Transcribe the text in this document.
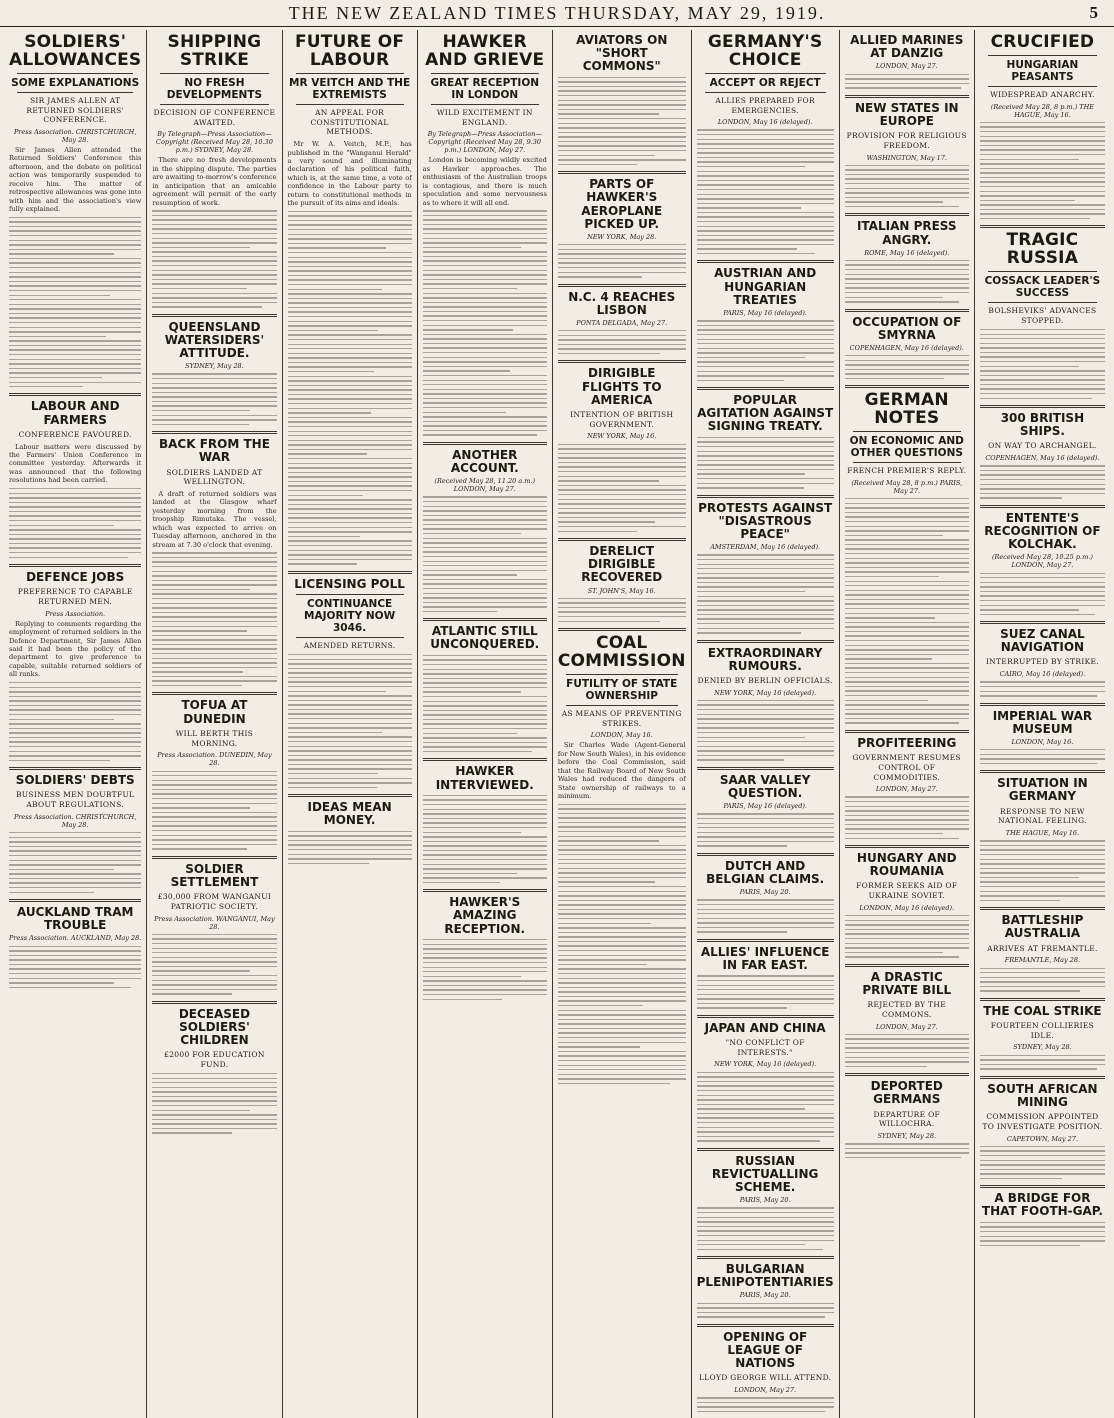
THE NEW ZEALAND TIMES THURSDAY, MAY 29, 1919.	5
SOLDIERS' ALLOWANCES
SOME EXPLANATIONS
SIR JAMES ALLEN AT RETURNED SOLDIERS' CONFERENCE.
Press Association. CHRISTCHURCH, May 28.
Sir James Allen attended the Returned Soldiers' Conference this afternoon, and the debate on political action was temporarily suspended to receive him. The matter of retrospective allowances was gone into with him and the association's view fully explained.
LABOUR AND FARMERS
CONFERENCE FAVOURED.
Labour matters were discussed by the Farmers' Union Conference in committee yesterday. Afterwards it was announced that the following resolutions had been carried.
DEFENCE JOBS
PREFERENCE TO CAPABLE RETURNED MEN.
Press Association.
Replying to comments regarding the employment of returned soldiers in the Defence Department, Sir James Allen said it had been the policy of the department to give preference to capable, suitable returned soldiers of all ranks.
SOLDIERS' DEBTS
BUSINESS MEN DOUBTFUL ABOUT REGULATIONS.
Press Association. CHRISTCHURCH, May 28.
AUCKLAND TRAM TROUBLE
Press Association. AUCKLAND, May 28.
SHIPPING STRIKE
NO FRESH DEVELOPMENTS
DECISION OF CONFERENCE AWAITED.
By Telegraph—Press Association—Copyright (Received May 28, 10.30 p.m.) SYDNEY, May 28.
There are no fresh developments in the shipping dispute. The parties are awaiting to-morrow's conference in anticipation that an amicable agreement will permit of the early resumption of work.
QUEENSLAND WATERSIDERS' ATTITUDE.
SYDNEY, May 28.
BACK FROM THE WAR
SOLDIERS LANDED AT WELLINGTON.
A draft of returned soldiers was landed at the Glasgow wharf yesterday morning from the troopship Rimutaka. The vessel, which was expected to arrive on Tuesday afternoon, anchored in the stream at 7.30 o'clock that evening.
TOFUA AT DUNEDIN
WILL BERTH THIS MORNING.
Press Association. DUNEDIN, May 28.
SOLDIER SETTLEMENT
£30,000 FROM WANGANUI PATRIOTIC SOCIETY.
Press Association. WANGANUI, May 28.
DECEASED SOLDIERS' CHILDREN
£2000 FOR EDUCATION FUND.
FUTURE OF LABOUR
MR VEITCH AND THE EXTREMISTS
AN APPEAL FOR CONSTITUTIONAL METHODS.
Mr W. A. Veitch, M.P., has published in the "Wanganui Herald" a very sound and illuminating declaration of his political faith, which is, at the same time, a vote of confidence in the Labour party to return to constitutional methods in the pursuit of its aims and ideals.
LICENSING POLL
CONTINUANCE MAJORITY NOW 3046.
AMENDED RETURNS.
IDEAS MEAN MONEY.
HAWKER AND GRIEVE
GREAT RECEPTION IN LONDON
WILD EXCITEMENT IN ENGLAND.
By Telegraph—Press Association—Copyright (Received May 28, 9.30 p.m.) LONDON, May 27.
London is becoming wildly excited as Hawker approaches. The enthusiasm of the Australian troops is contagious, and there is much speculation and some nervousness as to where it will all end.
ANOTHER ACCOUNT.
(Received May 28, 11.20 a.m.) LONDON, May 27.
ATLANTIC STILL UNCONQUERED.
HAWKER INTERVIEWED.
HAWKER'S AMAZING RECEPTION.
AVIATORS ON "SHORT COMMONS"
PARTS OF HAWKER'S AEROPLANE PICKED UP.
NEW YORK, May 28.
N.C. 4 REACHES LISBON
PONTA DELGADA, May 27.
DIRIGIBLE FLIGHTS TO AMERICA
INTENTION OF BRITISH GOVERNMENT.
NEW YORK, May 16.
DERELICT DIRIGIBLE RECOVERED
ST. JOHN'S, May 16.
COAL COMMISSION
FUTILITY OF STATE OWNERSHIP
AS MEANS OF PREVENTING STRIKES.
LONDON, May 16.
Sir Charles Wade (Agent-General for New South Wales), in his evidence before the Coal Commission, said that the Railway Board of New South Wales had reduced the dangers of State ownership of railways to a minimum.
GERMANY'S CHOICE
ACCEPT OR REJECT
ALLIES PREPARED FOR EMERGENCIES.
LONDON, May 16 (delayed).
AUSTRIAN AND HUNGARIAN TREATIES
PARIS, May 16 (delayed).
POPULAR AGITATION AGAINST SIGNING TREATY.
PROTESTS AGAINST "DISASTROUS PEACE"
AMSTERDAM, May 16 (delayed).
EXTRAORDINARY RUMOURS.
DENIED BY BERLIN OFFICIALS.
NEW YORK, May 16 (delayed).
SAAR VALLEY QUESTION.
PARIS, May 16 (delayed).
DUTCH AND BELGIAN CLAIMS.
PARIS, May 20.
ALLIES' INFLUENCE IN FAR EAST.
JAPAN AND CHINA
"NO CONFLICT OF INTERESTS."
NEW YORK, May 16 (delayed).
RUSSIAN REVICTUALLING SCHEME.
PARIS, May 20.
BULGARIAN PLENIPOTENTIARIES
PARIS, May 20.
OPENING OF LEAGUE OF NATIONS
LLOYD GEORGE WILL ATTEND.
LONDON, May 27.
ALLIED MARINES AT DANZIG
LONDON, May 27.
NEW STATES IN EUROPE
PROVISION FOR RELIGIOUS FREEDOM.
WASHINGTON, May 17.
ITALIAN PRESS ANGRY.
ROME, May 16 (delayed).
OCCUPATION OF SMYRNA
COPENHAGEN, May 16 (delayed).
GERMAN NOTES
ON ECONOMIC AND OTHER QUESTIONS
FRENCH PREMIER'S REPLY.
(Received May 28, 8 p.m.) PARIS, May 27.
PROFITEERING
GOVERNMENT RESUMES CONTROL OF COMMODITIES.
LONDON, May 27.
HUNGARY AND ROUMANIA
FORMER SEEKS AID OF UKRAINE SOVIET.
LONDON, May 16 (delayed).
A DRASTIC PRIVATE BILL
REJECTED BY THE COMMONS.
LONDON, May 27.
DEPORTED GERMANS
DEPARTURE OF WILLOCHRA.
SYDNEY, May 28.
CRUCIFIED
HUNGARIAN PEASANTS
WIDESPREAD ANARCHY.
(Received May 28, 8 p.m.) THE HAGUE, May 16.
TRAGIC RUSSIA
COSSACK LEADER'S SUCCESS
BOLSHEVIKS' ADVANCES STOPPED.
300 BRITISH SHIPS.
ON WAY TO ARCHANGEL.
COPENHAGEN, May 16 (delayed).
ENTENTE'S RECOGNITION OF KOLCHAK.
(Received May 28, 10.25 p.m.) LONDON, May 27.
SUEZ CANAL NAVIGATION
INTERRUPTED BY STRIKE.
CAIRO, May 16 (delayed).
IMPERIAL WAR MUSEUM
LONDON, May 16.
SITUATION IN GERMANY
RESPONSE TO NEW NATIONAL FEELING.
THE HAGUE, May 16.
BATTLESHIP AUSTRALIA
ARRIVES AT FREMANTLE.
FREMANTLE, May 28.
THE COAL STRIKE
FOURTEEN COLLIERIES IDLE.
SYDNEY, May 28.
SOUTH AFRICAN MINING
COMMISSION APPOINTED TO INVESTIGATE POSITION.
CAPETOWN, May 27.
A BRIDGE FOR THAT FOOTH-GAP.
